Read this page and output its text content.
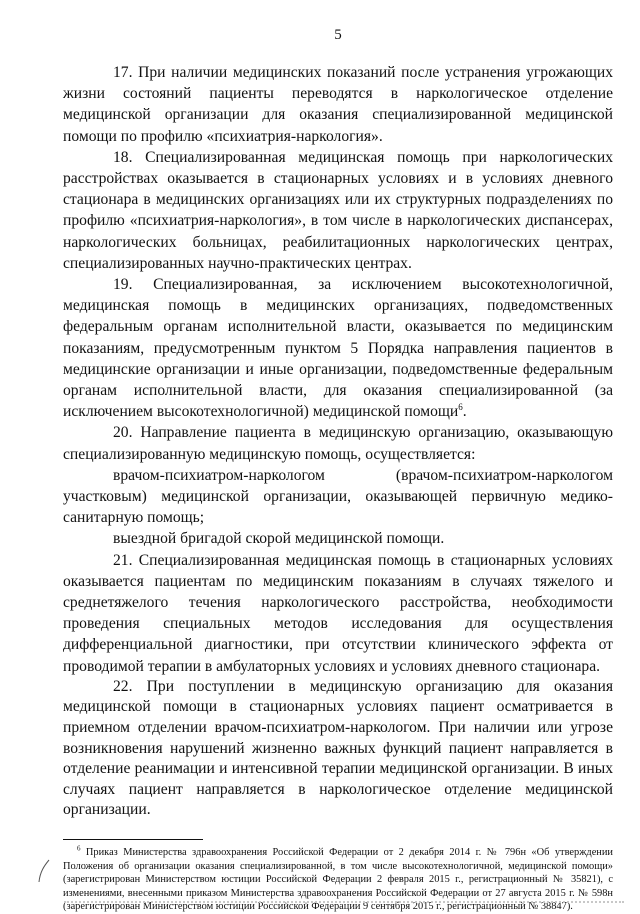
5

17. При наличии медицинских показаний после устранения угрожающих жизни состояний пациенты переводятся в наркологическое отделение медицинской организации для оказания специализированной медицинской помощи по профилю «психиатрия-наркология».

18. Специализированная медицинская помощь при наркологических расстройствах оказывается в стационарных условиях и в условиях дневного стационара в медицинских организациях или их структурных подразделениях по профилю «психиатрия-наркология», в том числе в наркологических диспансерах, наркологических больницах, реабилитационных наркологических центрах, специализированных научно-практических центрах.

19. Специализированная, за исключением высокотехнологичной, медицинская помощь в медицинских организациях, подведомственных федеральным органам исполнительной власти, оказывается по медицинским показаниям, предусмотренным пунктом 5 Порядка направления пациентов в медицинские организации и иные организации, подведомственные федеральным органам исполнительной власти, для оказания специализированной (за исключением высокотехнологичной) медицинской помощи$^6$.

20. Направление пациента в медицинскую организацию, оказывающую специализированную медицинскую помощь, осуществляется:

врачом-психиатром-наркологом (врачом-психиатром-наркологом участковым) медицинской организации, оказывающей первичную медико-санитарную помощь;

выездной бригадой скорой медицинской помощи.

21. Специализированная медицинская помощь в стационарных условиях оказывается пациентам по медицинским показаниям в случаях тяжелого и среднетяжелого течения наркологического расстройства, необходимости проведения специальных методов исследования для осуществления дифференциальной диагностики, при отсутствии клинического эффекта от проводимой терапии в амбулаторных условиях и условиях дневного стационара.

22. При поступлении в медицинскую организацию для оказания медицинской помощи в стационарных условиях пациент осматривается в приемном отделении врачом-психиатром-наркологом. При наличии или угрозе возникновения нарушений жизненно важных функций пациент направляется в отделение реанимации и интенсивной терапии медицинской организации. В иных случаях пациент направляется в наркологическое отделение медицинской организации.

$^6$ Приказ Министерства здравоохранения Российской Федерации от 2 декабря 2014 г. № 796н «Об утверждении Положения об организации оказания специализированной, в том числе высокотехнологичной, медицинской помощи» (зарегистрирован Министерством юстиции Российской Федерации 2 февраля 2015 г., регистрационный № 35821), с изменениями, внесенными приказом Министерства здравоохранения Российской Федерации от 27 августа 2015 г. № 598н (зарегистрирован Министерством юстиции Российской Федерации 9 сентября 2015 г., регистрационный № 38847).
